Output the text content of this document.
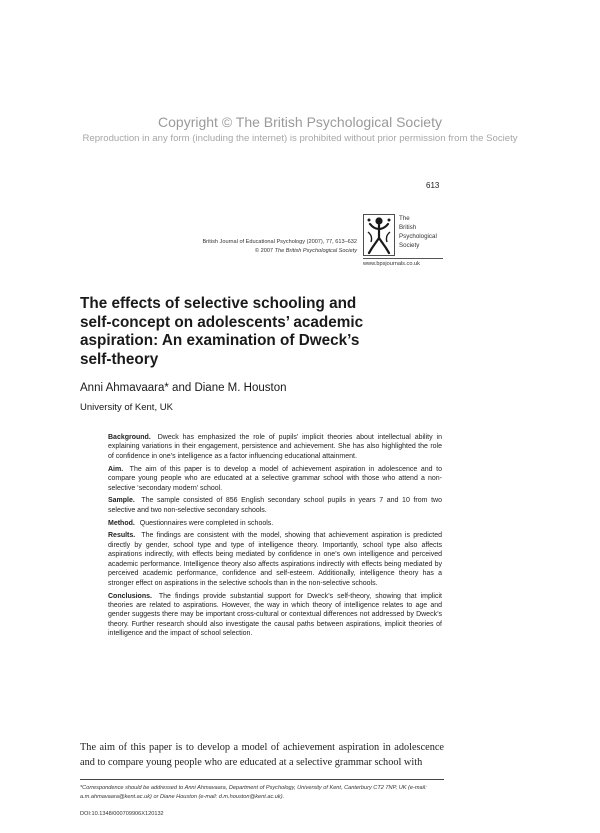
Copyright © The British Psychological Society
Reproduction in any form (including the internet) is prohibited without prior permission from the Society
613
British Journal of Educational Psychology (2007), 77, 613–632
© 2007 The British Psychological Society
The
British
Psychological
Society
www.bpsjournals.co.uk
The effects of selective schooling and self-concept on adolescents’ academic aspiration: An examination of Dweck’s self-theory
Anni Ahmavaara* and Diane M. Houston
University of Kent, UK

Background. Dweck has emphasized the role of pupils’ implicit theories about intellectual ability in explaining variations in their engagement, persistence and achievement. She has also highlighted the role of confidence in one’s intelligence as a factor influencing educational attainment.

Aim. The aim of this paper is to develop a model of achievement aspiration in adolescence and to compare young people who are educated at a selective grammar school with those who attend a non-selective ‘secondary modern’ school.

Sample. The sample consisted of 856 English secondary school pupils in years 7 and 10 from two selective and two non-selective secondary schools.

Method. Questionnaires were completed in schools.

Results. The findings are consistent with the model, showing that achievement aspiration is predicted directly by gender, school type and type of intelligence theory. Importantly, school type also affects aspirations indirectly, with effects being mediated by confidence in one’s own intelligence and perceived academic performance. Intelligence theory also affects aspirations indirectly with effects being mediated by perceived academic performance, confidence and self-esteem. Additionally, intelligence theory has a stronger effect on aspirations in the selective schools than in the non-selective schools.

Conclusions. The findings provide substantial support for Dweck’s self-theory, showing that implicit theories are related to aspirations. However, the way in which theory of intelligence relates to age and gender suggests there may be important cross-cultural or contextual differences not addressed by Dweck’s theory. Further research should also investigate the causal paths between aspirations, implicit theories of intelligence and the impact of school selection.

The aim of this paper is to develop a model of achievement aspiration in adolescence and to compare young people who are educated at a selective grammar school with

*Correspondence should be addressed to Anni Ahmavaara, Department of Psychology, University of Kent, Canterbury CT2 7NP, UK (e-mail: a.m.ahmavaara@kent.ac.uk) or Diane Houston (e-mail: d.m.houston@kent.ac.uk).

DOI:10.1348/000709906X120132
